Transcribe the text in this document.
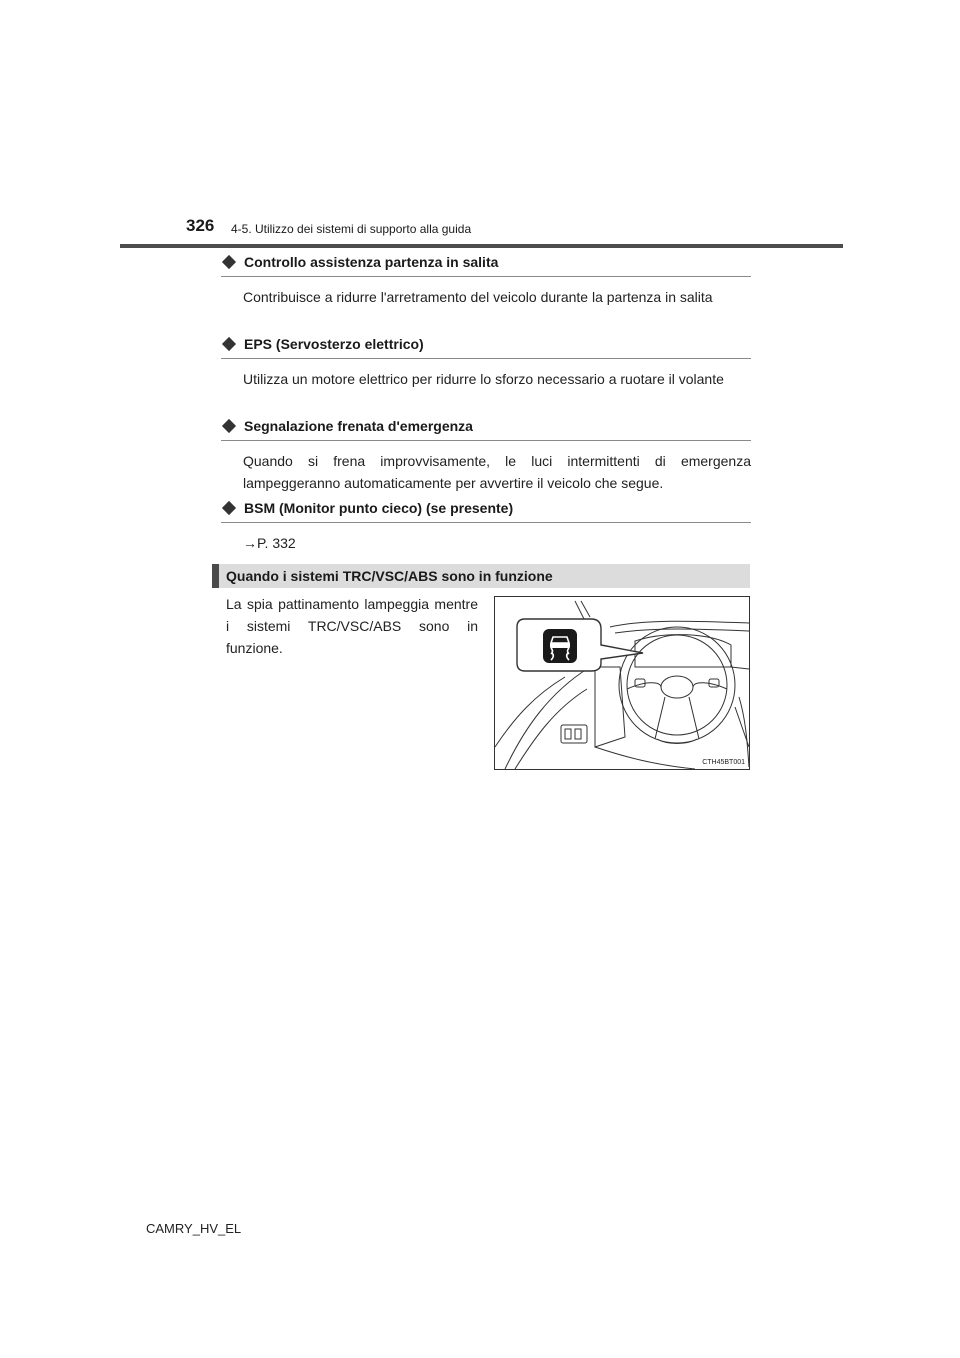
326 4-5. Utilizzo dei sistemi di supporto alla guida
Controllo assistenza partenza in salita
Contribuisce a ridurre l'arretramento del veicolo durante la partenza in salita
EPS (Servosterzo elettrico)
Utilizza un motore elettrico per ridurre lo sforzo necessario a ruotare il volante
Segnalazione frenata d'emergenza
Quando si frena improvvisamente, le luci intermittenti di emergenza lampeggeranno automaticamente per avvertire il veicolo che segue.
BSM (Monitor punto cieco) (se presente)
→P. 332
Quando i sistemi TRC/VSC/ABS sono in funzione
La spia pattinamento lampeggia mentre i sistemi TRC/VSC/ABS sono in funzione.
CTH45BT001
CAMRY_HV_EL
